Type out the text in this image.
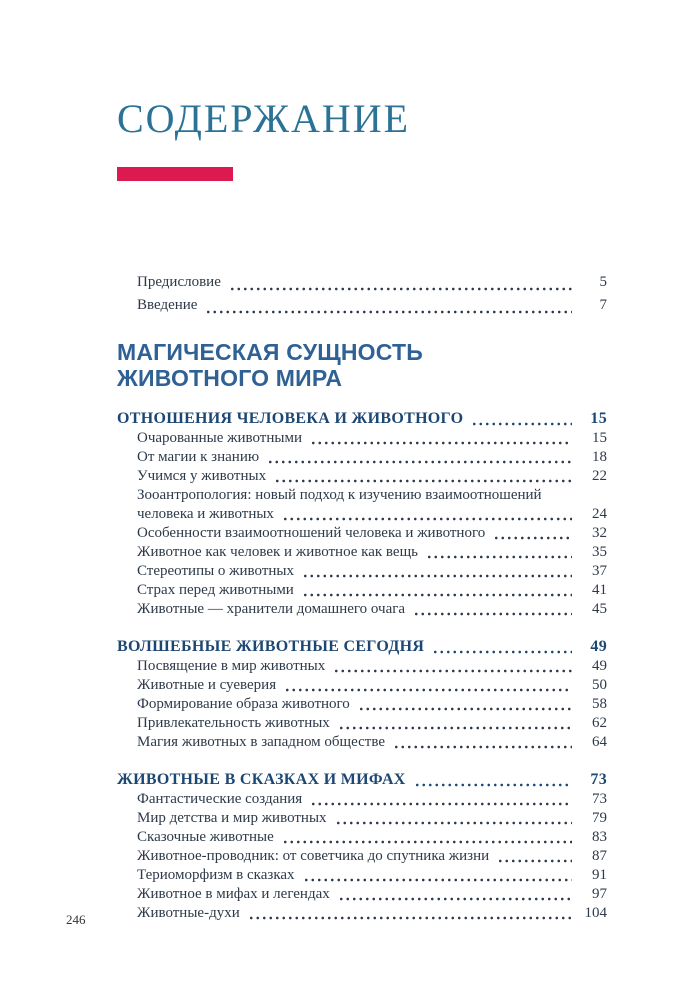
СОДЕРЖАНИЕ
Предисловие	5
Введение	7
МАГИЧЕСКАЯ СУЩНОСТЬ
ЖИВОТНОГО МИРА
ОТНОШЕНИЯ ЧЕЛОВЕКА И ЖИВОТНОГО	15
Очарованные животными	15
От магии к знанию	18
Учимся у животных	22
Зооантропология: новый подход к изучению взаимоотношений
человека и животных	24
Особенности взаимоотношений человека и животного	32
Животное как человек и животное как вещь	35
Стереотипы о животных	37
Страх перед животными	41
Животные — хранители домашнего очага	45
ВОЛШЕБНЫЕ ЖИВОТНЫЕ СЕГОДНЯ	49
Посвящение в мир животных	49
Животные и суеверия	50
Формирование образа животного	58
Привлекательность животных	62
Магия животных в западном обществе	64
ЖИВОТНЫЕ В СКАЗКАХ И МИФАХ	73
Фантастические создания	73
Мир детства и мир животных	79
Сказочные животные	83
Животное-проводник: от советчика до спутника жизни	87
Териоморфизм в сказках	91
Животное в мифах и легендах	97
Животные-духи	104
246
